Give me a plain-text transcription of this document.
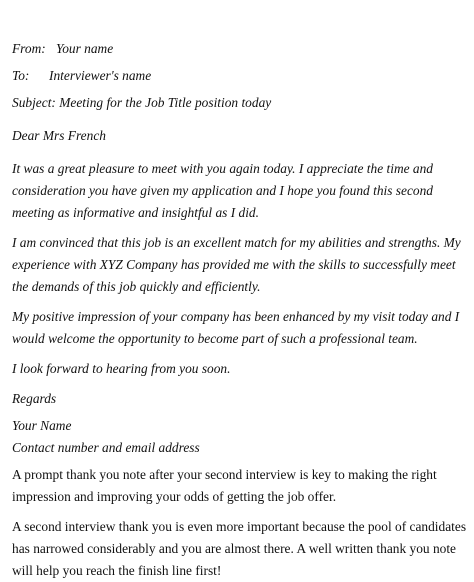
From: Your name
To: Interviewer's name

Subject: Meeting for the Job Title position today

Dear Mrs French

It was a great pleasure to meet with you again today. I appreciate the time and consideration you have given my application and I hope you found this second meeting as informative and insightful as I did.

I am convinced that this job is an excellent match for my abilities and strengths. My experience with XYZ Company has provided me with the skills to successfully meet the demands of this job quickly and efficiently.

My positive impression of your company has been enhanced by my visit today and I would welcome the opportunity to become part of such a professional team.

I look forward to hearing from you soon.

Regards

Your Name

Contact number and email address

A prompt thank you note after your second interview is key to making the right impression and improving your odds of getting the job offer.

A second interview thank you is even more important because the pool of candidates has narrowed considerably and you are almost there. A well written thank you note will help you reach the finish line first!
